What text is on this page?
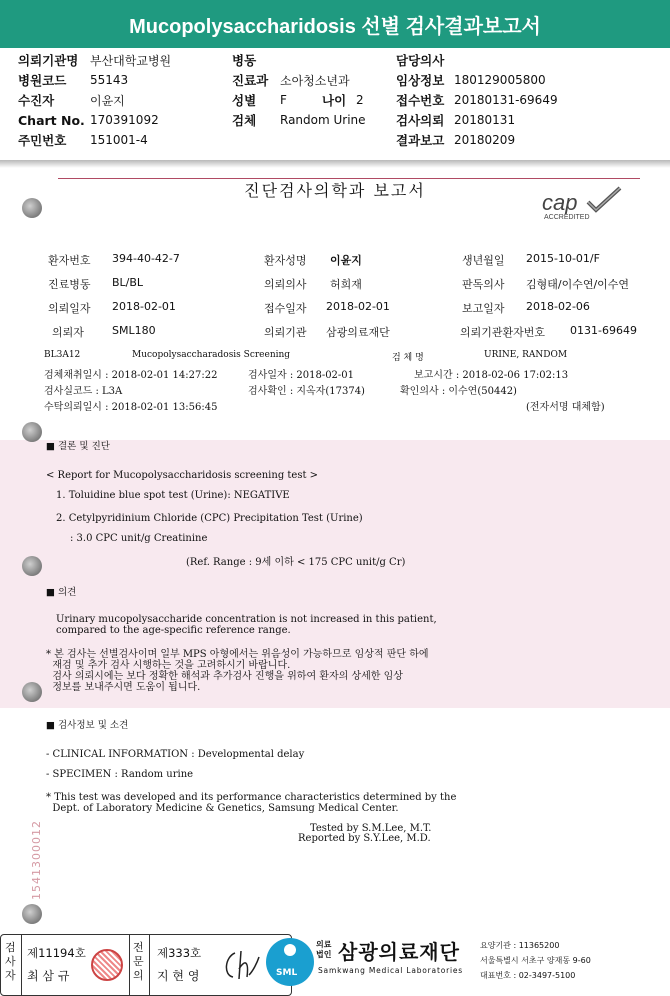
Mucopolysaccharidosis 선별 검사결과보고서
의뢰기관명 부산대학교병원
병원코드	55143
수진자	이윤지
Chart No. 170391092
주민번호	151001-4
병동
진료과 소아청소년과
성별	F	나이 2
검체	Random Urine
담당의사
임상정보 180129005800
접수번호 20180131-69649
검사의뢰 20180131
결과보고 20180209
진단검사의학과 보고서	cap
ACCREDITED
환자번호 394-40-42-7	환자성명 이윤지	생년월일 2015-10-01/F
진료병동 BL/BL	의뢰의사 허희재	판독의사 김형태/이수연/이수연
의뢰일자 2018-02-01	접수일자 2018-02-01	보고일자 2018-02-06
의뢰자	SML180	의뢰기관 삼광의료재단	의뢰기관환자번호 0131-69649
BL3A12	Mucopolysaccharadosis Screening	검 체 명	URINE, RANDOM
검체채취일시 : 2018-02-01 14:27:22	검사일자 : 2018-02-01	보고시간 : 2018-02-06 17:02:13
검사실코드 : L3A	검사확인 : 지옥자(17374)	확인의사 : 이수연(50442)
수탁의뢰일시 : 2018-02-01 13:56:45	(전자서명 대체함)
■ 결론 및 진단
< Report for Mucopolysaccharidosis screening test >
1. Toluidine blue spot test (Urine): NEGATIVE
2. Cetylpyridinium Chloride (CPC) Precipitation Test (Urine)
: 3.0 CPC unit/g Creatinine
(Ref. Range : 9세 이하 < 175 CPC unit/g Cr)
■ 의견
Urinary mucopolysaccharide concentration is not increased in this patient,
compared to the age-specific reference range.
* 본 검사는 선별검사이며 일부 MPS 아형에서는 위음성이 가능하므로 임상적 판단 하에
재검 및 추가 검사 시행하는 것을 고려하시기 바랍니다.
검사 의뢰시에는 보다 정확한 해석과 추가검사 진행을 위하여 환자의 상세한 임상
정보를 보내주시면 도움이 됩니다.
■ 검사정보 및 소견
- CLINICAL INFORMATION : Developmental delay
- SPECIMEN : Random urine
* This test was developed and its performance characteristics determined by the
Dept. of Laboratory Medicine & Genetics, Samsung Medical Center.
Tested by S.M.Lee, M.T.
Reported by S.Y.Lee, M.D.
1541300012
검사자
제11194호
최 삼 규
전문의
제333호
지 현 영	SML
의료
법인 삼광의료재단
Samkwang Medical Laboratories
요양기관 : 11365200
서울특별시 서초구 양재동 9-60
대표번호 : 02-3497-5100
